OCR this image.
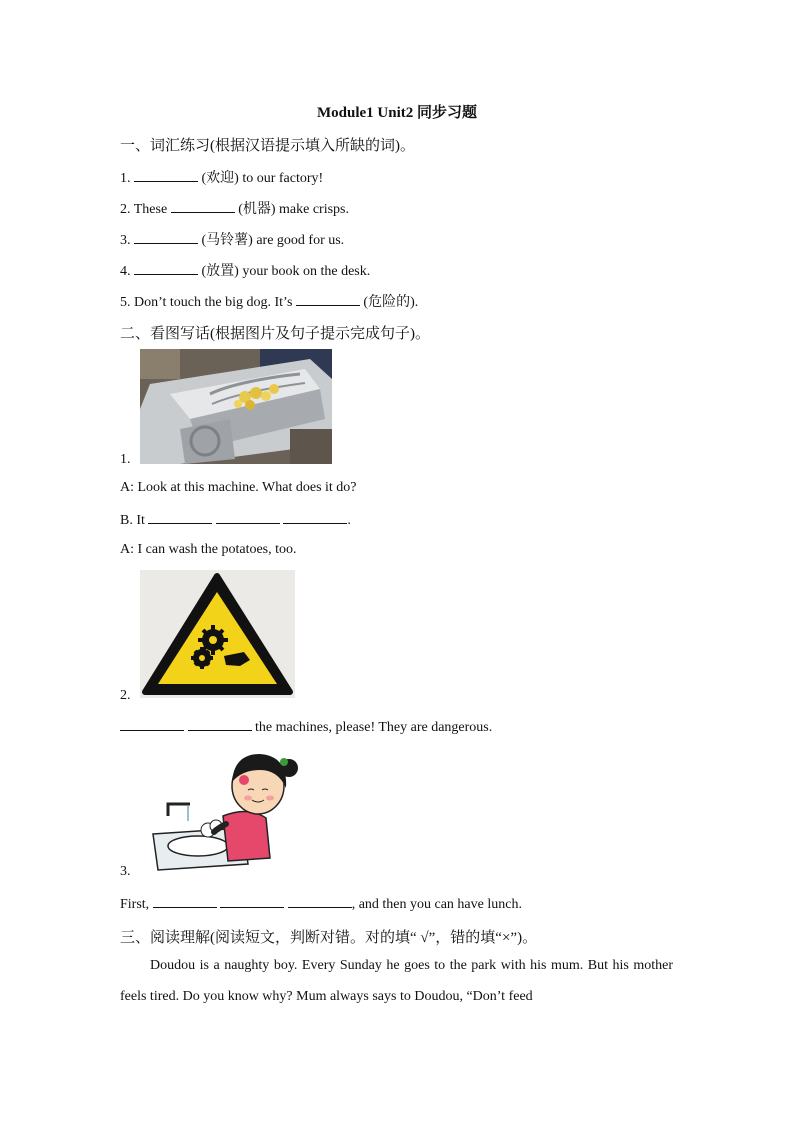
Module1 Unit2 同步习题
一、词汇练习(根据汉语提示填入所缺的词)。
1.	(欢迎) to our factory!
2. These	(机器) make crisps.
3.	(马铃薯) are good for us.
4.	(放置) your book on the desk.
5. Don’t touch the big dog. It’s	(危险的).
二、看图写话(根据图片及句子提示完成句子)。
1.
A: Look at this machine. What does it do?
B. It	.
A: I can wash the potatoes, too.
2.
the machines, please! They are dangerous.
3.
First,	, and then you can have lunch.
三、阅读理解(阅读短文，判断对错。对的填“ √”，错的填“×”)。
Doudou is a naughty boy. Every Sunday he goes to the park with his mum. But his mother feels tired. Do you know why? Mum always says to Doudou, “Don’t feed
